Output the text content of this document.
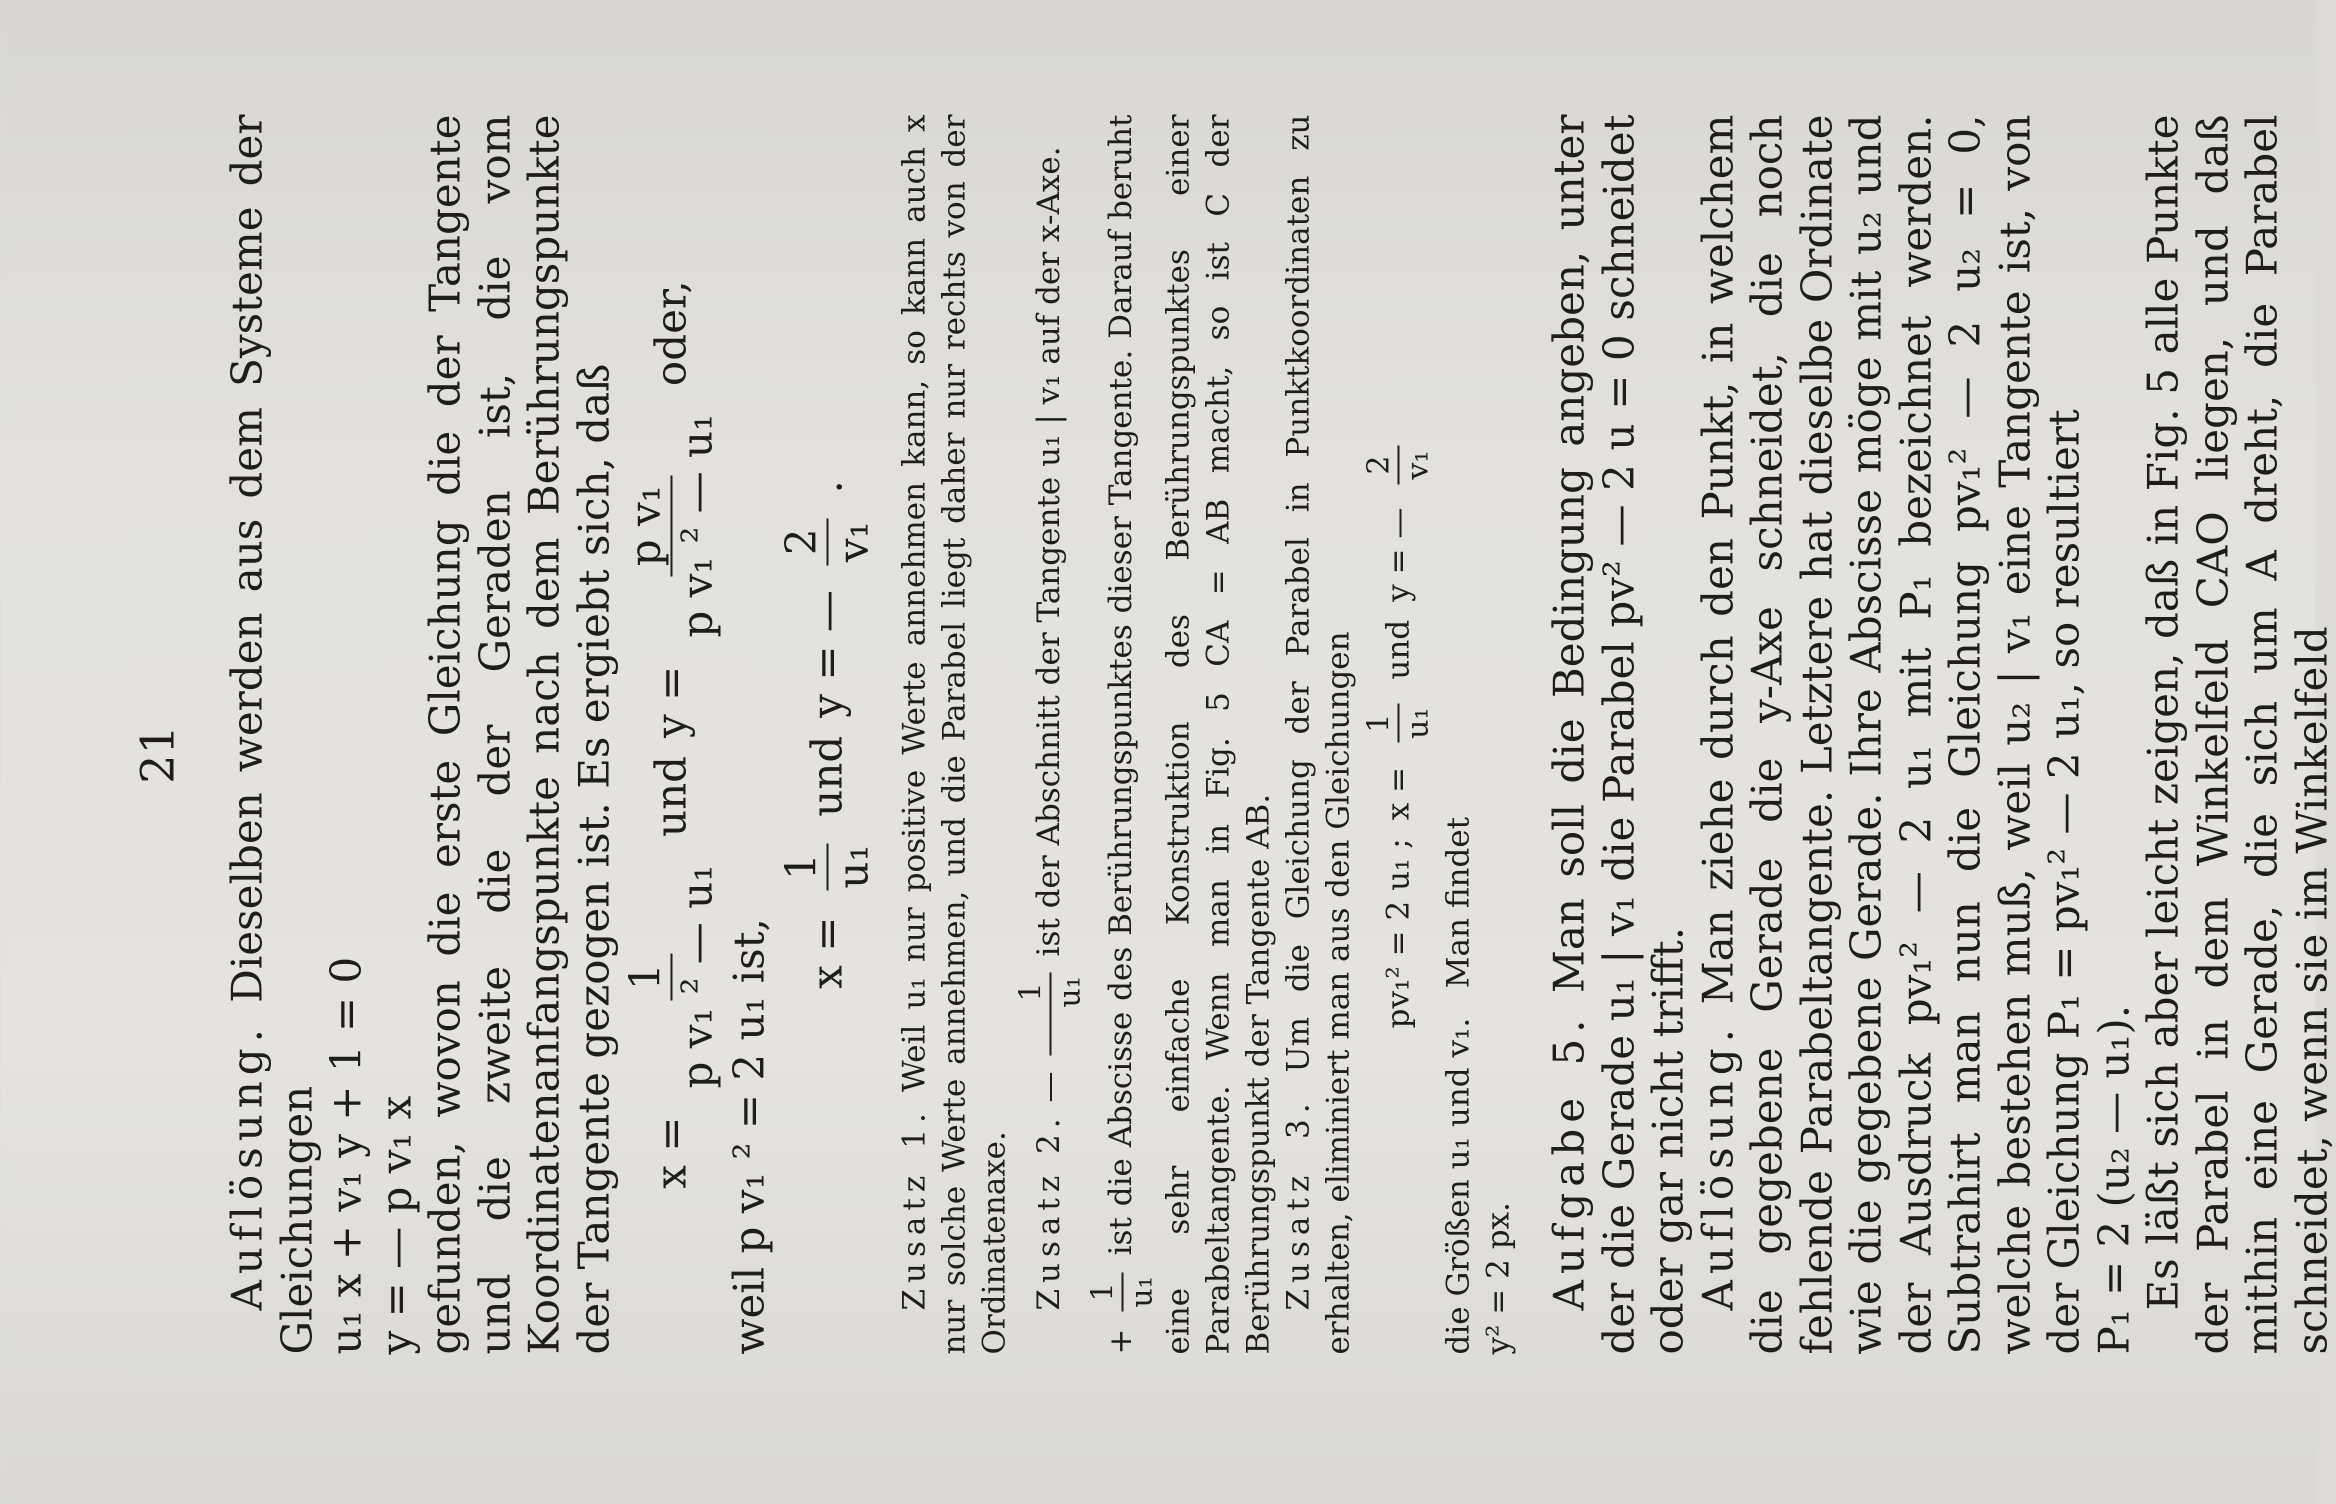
21

Auflösung. Dieselben werden aus dem Systeme der Gleichungen u₁ x + v₁ y + 1 = 0 y = — p v₁ x gefunden, wovon die erste Gleichung die der Tangente und die zweite die der Geraden ist, die vom Koordinatenanfangspunkte nach dem Berührungspunkte der Tangente gezogen ist. Es ergiebt sich, daß x =
1 p v₁ ² — u₁
und
y =
p v₁ p v₁ ² — u₁
oder,

weil p v₁ ² = 2 u₁ ist, x =
1 u₁
und
y = —
2 v₁
.

Zusatz 1. Weil u₁ nur positive Werte annehmen kann, so kann auch x nur solche Werte annehmen, und die Parabel liegt daher nur rechts von der Ordinatenaxe. Zusatz 2. —
1 u₁
ist der Abschnitt der Tangente u₁ | v₁ auf der x-Axe.

+
1 u₁
ist die Abscisse des Berührungspunktes dieser Tangente. Darauf beruht eine sehr einfache Konstruktion des Berührungspunktes einer Parabeltangente. Wenn man in Fig. 5 CA = AB macht, so ist C der Berührungspunkt der Tangente AB. Zusatz 3. Um die Gleichung der Parabel in Punktkoordinaten zu erhalten, eliminiert man aus den Gleichungen pv₁² = 2 u₁ ;
x =
1 u₁
und
y = —
2 v₁

die Größen u₁ und v₁.   Man findet

y² = 2 px. Aufgabe 5. Man soll die Bedingung angeben, unter der die Gerade u₁ | v₁ die Parabel pv² — 2 u = 0 schneidet oder gar nicht trifft. Auflösung. Man ziehe durch den Punkt, in welchem die gegebene Gerade die y-Axe schneidet, die noch fehlende Parabeltangente. Letztere hat dieselbe Ordinate wie die gegebene Gerade. Ihre Abscisse möge mit u₂ und der Ausdruck pv₁² — 2 u₁ mit P₁ bezeichnet werden. Subtrahirt man nun die Gleichung pv₁² — 2 u₂ = 0, welche bestehen muß, weil u₂ | v₁ eine Tangente ist, von der Gleichung P₁ = pv₁² — 2 u₁, so resultiert P₁ = 2 (u₂ — u₁). Es läßt sich aber leicht zeigen, daß in Fig. 5 alle Punkte der Parabel in dem Winkelfeld CAO liegen, und daß mithin eine Gerade, die sich um A dreht, die Parabel schneidet, wenn sie im Winkelfeld
